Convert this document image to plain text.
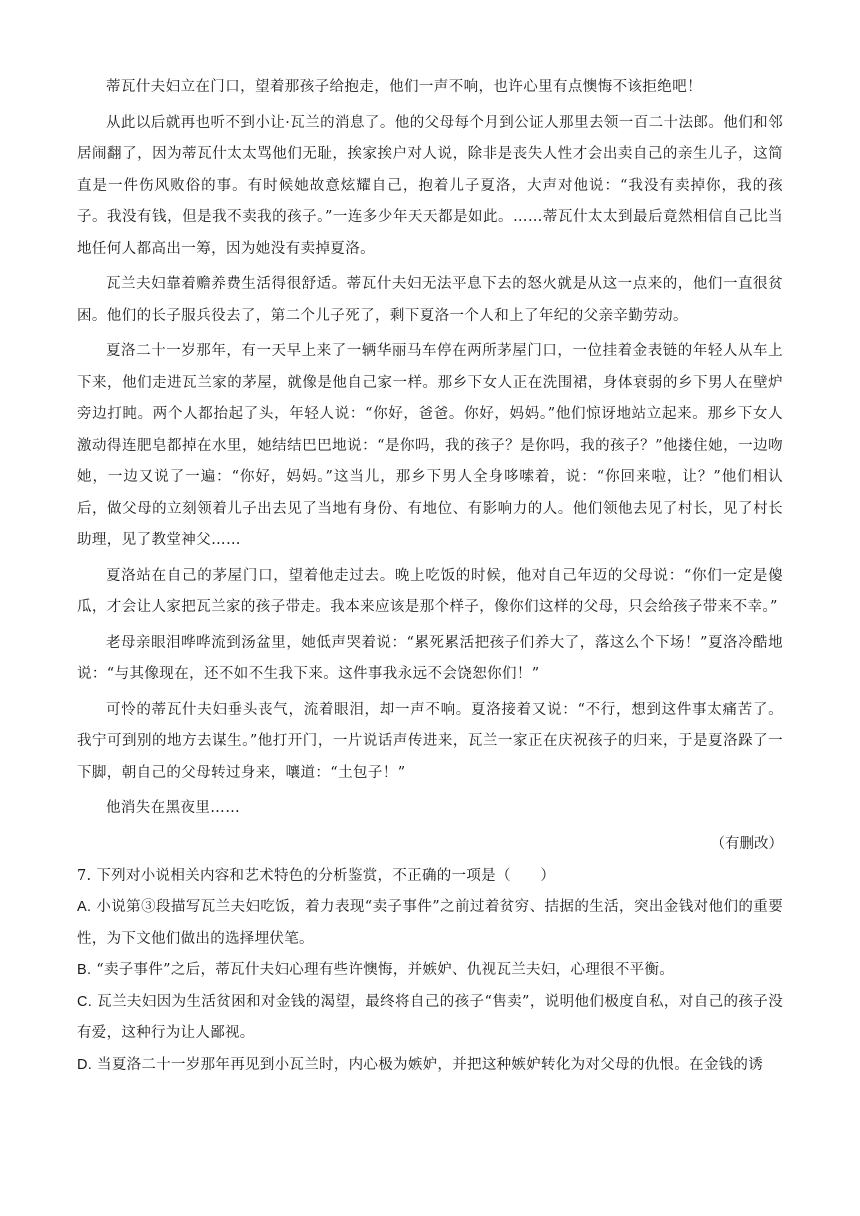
蒂瓦什夫妇立在门口，望着那孩子给抱走，他们一声不响，也许心里有点懊悔不该拒绝吧！

从此以后就再也听不到小让·瓦兰的消息了。他的父母每个月到公证人那里去领一百二十法郎。他们和邻居闹翻了，因为蒂瓦什太太骂他们无耻，挨家挨户对人说，除非是丧失人性才会出卖自己的亲生儿子，这简直是一件伤风败俗的事。有时候她故意炫耀自己，抱着儿子夏洛，大声对他说：“我没有卖掉你，我的孩子。我没有钱，但是我不卖我的孩子。”一连多少年天天都是如此。……蒂瓦什太太到最后竟然相信自己比当地任何人都高出一筹，因为她没有卖掉夏洛。

瓦兰夫妇靠着赡养费生活得很舒适。蒂瓦什夫妇无法平息下去的怒火就是从这一点来的，他们一直很贫困。他们的长子服兵役去了，第二个儿子死了，剩下夏洛一个人和上了年纪的父亲辛勤劳动。

夏洛二十一岁那年，有一天早上来了一辆华丽马车停在两所茅屋门口，一位挂着金表链的年轻人从车上下来，他们走进瓦兰家的茅屋，就像是他自己家一样。那乡下女人正在洗围裙，身体衰弱的乡下男人在壁炉旁边打盹。两个人都抬起了头，年轻人说：“你好，爸爸。你好，妈妈。”他们惊讶地站立起来。那乡下女人激动得连肥皂都掉在水里，她结结巴巴地说：“是你吗，我的孩子？是你吗，我的孩子？”他搂住她，一边吻她，一边又说了一遍：“你好，妈妈。”这当儿，那乡下男人全身哆嗦着，说：“你回来啦，让？”他们相认后，做父母的立刻领着儿子出去见了当地有身份、有地位、有影响力的人。他们领他去见了村长，见了村长助理，见了教堂神父……

夏洛站在自己的茅屋门口，望着他走过去。晚上吃饭的时候，他对自己年迈的父母说：“你们一定是傻瓜，才会让人家把瓦兰家的孩子带走。我本来应该是那个样子，像你们这样的父母，只会给孩子带来不幸。”

老母亲眼泪哗哗流到汤盆里，她低声哭着说：“累死累活把孩子们养大了，落这么个下场！”夏洛冷酷地说：“与其像现在，还不如不生我下来。这件事我永远不会饶恕你们！”

可怜的蒂瓦什夫妇垂头丧气，流着眼泪，却一声不响。夏洛接着又说：“不行，想到这件事太痛苦了。我宁可到别的地方去谋生。”他打开门，一片说话声传进来，瓦兰一家正在庆祝孩子的归来，于是夏洛跺了一下脚，朝自己的父母转过身来，嚷道：“土包子！”

他消失在黑夜里……

（有删改）

7. 下列对小说相关内容和艺术特色的分析鉴赏，不正确的一项是（　　）

A. 小说第③段描写瓦兰夫妇吃饭，着力表现“卖子事件”之前过着贫穷、拮据的生活，突出金钱对他们的重要性，为下文他们做出的选择埋伏笔。

B. “卖子事件”之后，蒂瓦什夫妇心理有些许懊悔，并嫉妒、仇视瓦兰夫妇，心理很不平衡。

C. 瓦兰夫妇因为生活贫困和对金钱的渴望，最终将自己的孩子“售卖”，说明他们极度自私，对自己的孩子没有爱，这种行为让人鄙视。

D. 当夏洛二十一岁那年再见到小瓦兰时，内心极为嫉妒，并把这种嫉妒转化为对父母的仇恨。在金钱的诱
